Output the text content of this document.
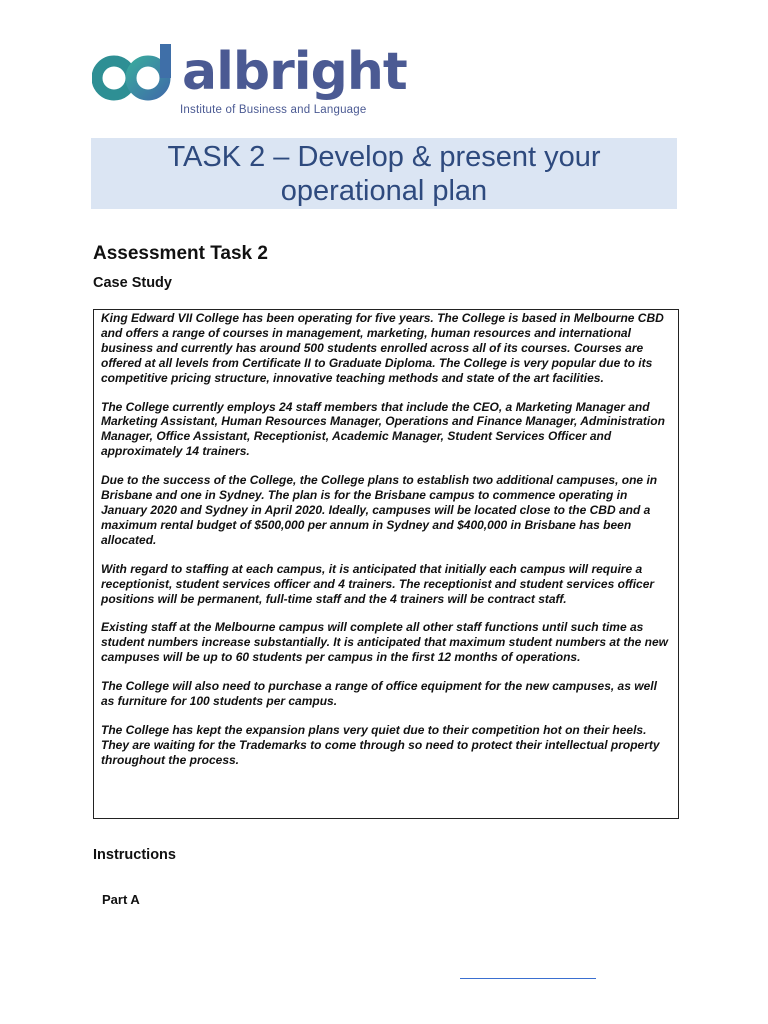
albright
Institute of Business and Language
TASK 2 – Develop & present your operational plan
Assessment Task 2
Case Study

King Edward VII College has been operating for five years. The College is based in Melbourne CBD and offers a range of courses in management, marketing, human resources and international business and currently has around 500 students enrolled across all of its courses. Courses are offered at all levels from Certificate II to Graduate Diploma. The College is very popular due to its competitive pricing structure, innovative teaching methods and state of the art facilities.

The College currently employs 24 staff members that include the CEO, a Marketing Manager and Marketing Assistant, Human Resources Manager, Operations and Finance Manager, Administration Manager, Office Assistant, Receptionist, Academic Manager, Student Services Officer and approximately 14 trainers.

Due to the success of the College, the College plans to establish two additional campuses, one in Brisbane and one in Sydney. The plan is for the Brisbane campus to commence operating in January 2020 and Sydney in April 2020. Ideally, campuses will be located close to the CBD and a maximum rental budget of $500,000 per annum in Sydney and $400,000 in Brisbane has been allocated.

With regard to staffing at each campus, it is anticipated that initially each campus will require a receptionist, student services officer and 4 trainers. The receptionist and student services officer positions will be permanent, full-time staff and the 4 trainers will be contract staff.

Existing staff at the Melbourne campus will complete all other staff functions until such time as student numbers increase substantially. It is anticipated that maximum student numbers at the new campuses will be up to 60 students per campus in the first 12 months of operations.

The College will also need to purchase a range of office equipment for the new campuses, as well as furniture for 100 students per campus.

The College has kept the expansion plans very quiet due to their competition hot on their heels. They are waiting for the Trademarks to come through so need to protect their intellectual property throughout the process.

Instructions
Part A
